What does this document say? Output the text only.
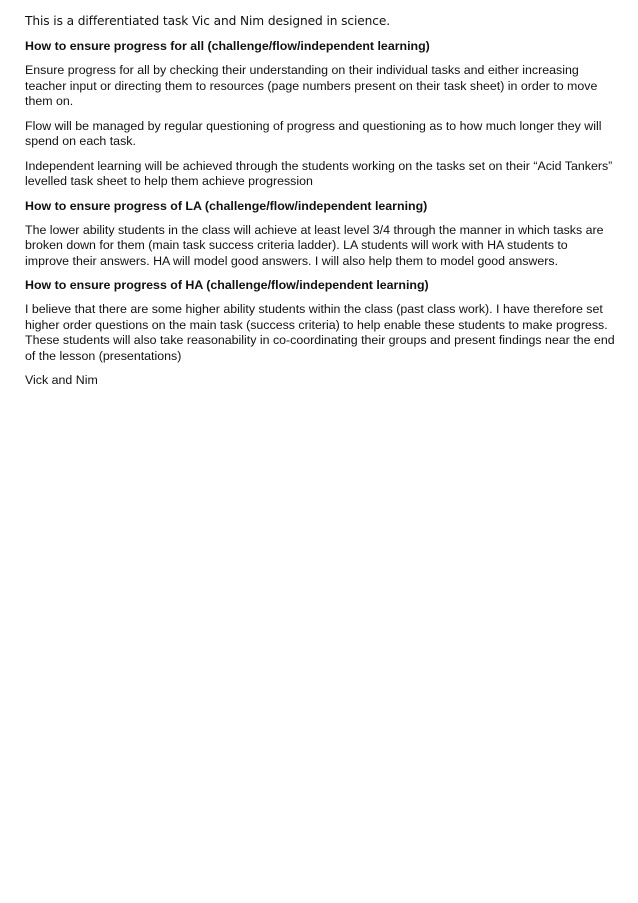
This is a differentiated task Vic and Nim designed in science.

How to ensure progress for all (challenge/flow/independent learning)

Ensure progress for all by checking their understanding on their individual tasks and either increasing teacher input or directing them to resources (page numbers present on their task sheet) in order to move them on.

Flow will be managed by regular questioning of progress and questioning as to how much longer they will spend on each task.

Independent learning will be achieved through the students working on the tasks set on their “Acid Tankers” levelled task sheet to help them achieve progression

How to ensure progress of LA (challenge/flow/independent learning)

The lower ability students in the class will achieve at least level 3/4 through the manner in which tasks are broken down for them (main task success criteria ladder). LA students will work with HA students to improve their answers. HA will model good answers. I will also help them to model good answers.

How to ensure progress of HA (challenge/flow/independent learning)

I believe that there are some higher ability students within the class (past class work). I have therefore set higher order questions on the main task (success criteria) to help enable these students to make progress. These students will also take reasonability in co-coordinating their groups and present findings near the end of the lesson (presentations)

Vick and Nim
